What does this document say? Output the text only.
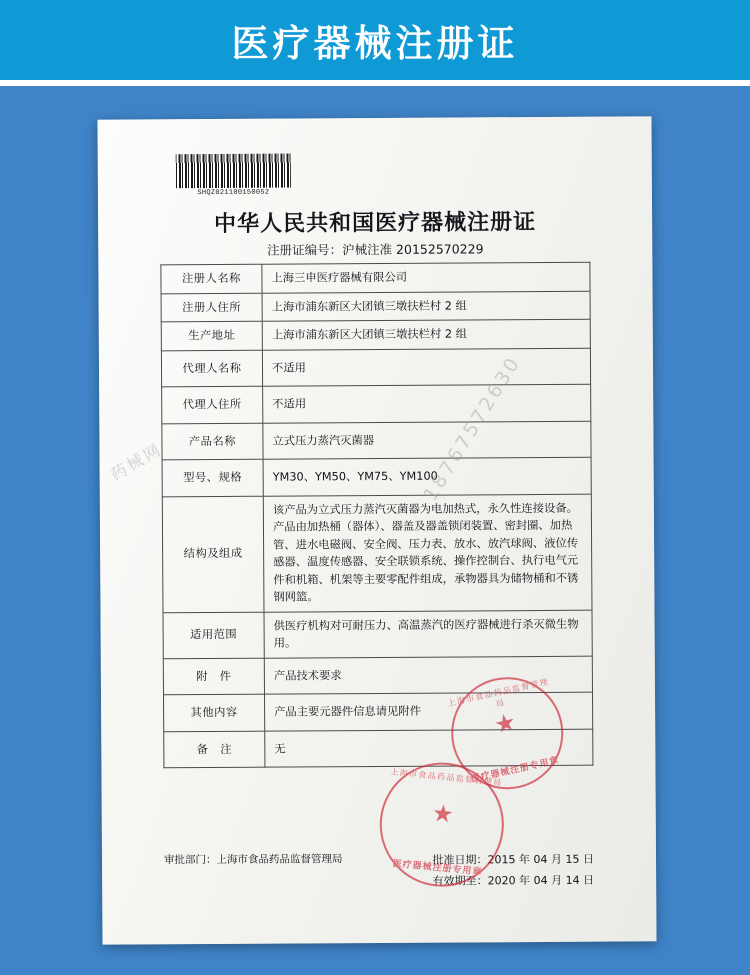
医疗器械注册证
SHQZ021100150052
中华人民共和国医疗器械注册证
注册证编号：沪械注准 20152570229
注册人名称	上海三申医疗器械有限公司
注册人住所	上海市浦东新区大团镇三墩扶栏村 2 组
生产地址	上海市浦东新区大团镇三墩扶栏村 2 组
代理人名称	不适用
代理人住所	不适用
产品名称	立式压力蒸汽灭菌器
型号、规格	YM30、YM50、YM75、YM100
结构及组成	该产品为立式压力蒸汽灭菌器为电加热式，永久性连接设备。产品由加热桶（器体）、器盖及器盖锁闭装置、密封圈、加热管、进水电磁阀、安全阀、压力表、放水、放汽球阀、液位传感器、温度传感器、安全联锁系统、操作控制台、执行电气元件和机箱、机架等主要零配件组成，承物器具为储物桶和不锈钢网篮。
适用范围	供医疗机构对可耐压力、高温蒸汽的医疗器械进行杀灭微生物用。
附　件	产品技术要求
其他内容	产品主要元器件信息请见附件
备　注	无
审批部门：上海市食品药品监督管理局	批准日期：2015 年 04 月 15 日
有效期至：2020 年 04 月 14 日
上海市食品药品监督管理局
★
医疗器械注册专用章
上海市食品药品监督管理局
★
医疗器械注册专用章
18767572630
药械网
